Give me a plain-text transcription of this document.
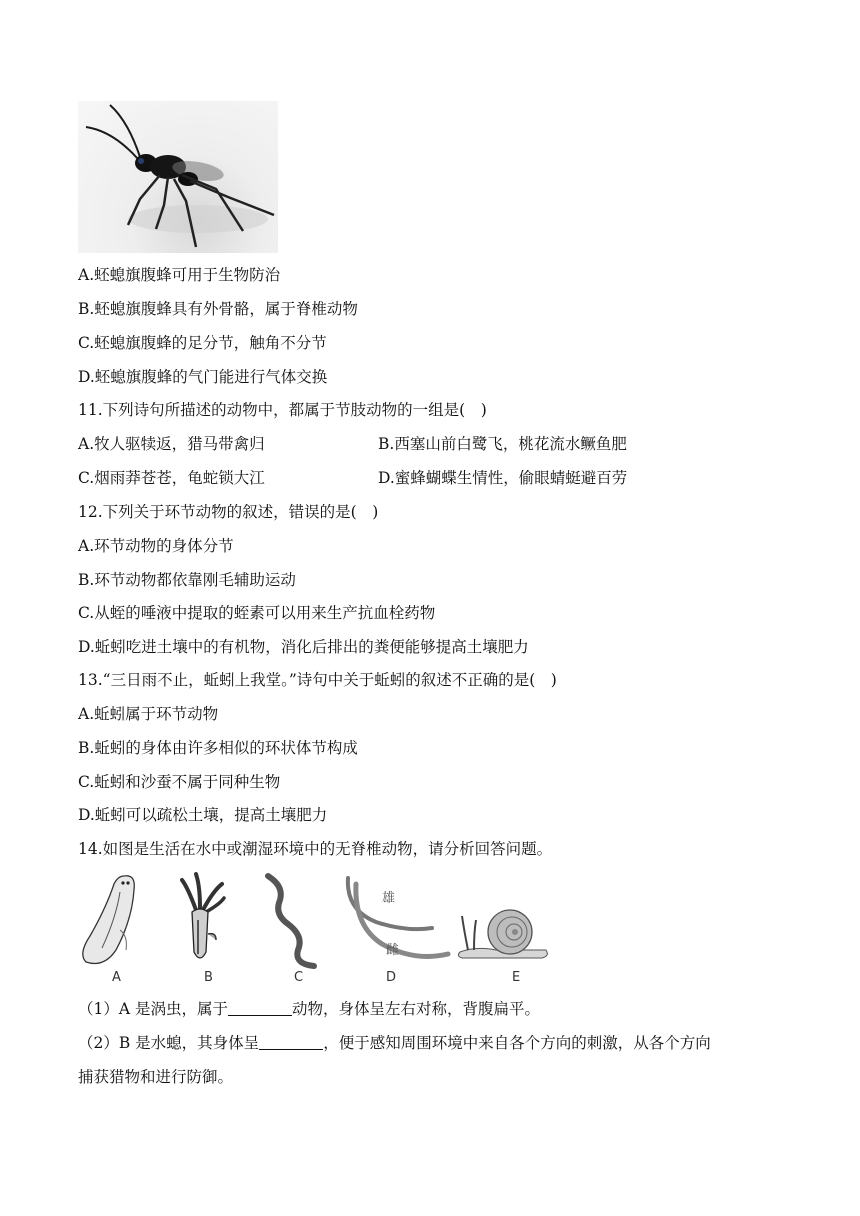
A.蚽螅旗腹蜂可用于生物防治
B.蚽螅旗腹蜂具有外骨骼，属于脊椎动物
C.蚽螅旗腹蜂的足分节，触角不分节
D.蚽螅旗腹蜂的气门能进行气体交换
11.下列诗句所描述的动物中，都属于节肢动物的一组是(　)
A.牧人驱犊返，猎马带禽归	B.西塞山前白鹭飞，桃花流水鳜鱼肥
C.烟雨莽苍苍，龟蛇锁大江	D.蜜蜂蝴蝶生情性，偷眼蜻蜓避百劳
12.下列关于环节动物的叙述，错误的是(　)
A.环节动物的身体分节
B.环节动物都依靠刚毛辅助运动
C.从蛭的唾液中提取的蛭素可以用来生产抗血栓药物
D.蚯蚓吃进土壤中的有机物，消化后排出的粪便能够提高土壤肥力
13.“三日雨不止，蚯蚓上我堂。”诗句中关于蚯蚓的叙述不正确的是(　)
A.蚯蚓属于环节动物
B.蚯蚓的身体由许多相似的环状体节构成
C.蚯蚓和沙蚕不属于同种生物
D.蚯蚓可以疏松土壤，提高土壤肥力
14.如图是生活在水中或潮湿环境中的无脊椎动物，请分析回答问题。
雄
雌
A	B	C	D	E
（1）A 是涡虫，属于	动物，身体呈左右对称，背腹扁平。
（2）B 是水螅，其身体呈	，便于感知周围环境中来自各个方向的刺激，从各个方向
捕获猎物和进行防御。
